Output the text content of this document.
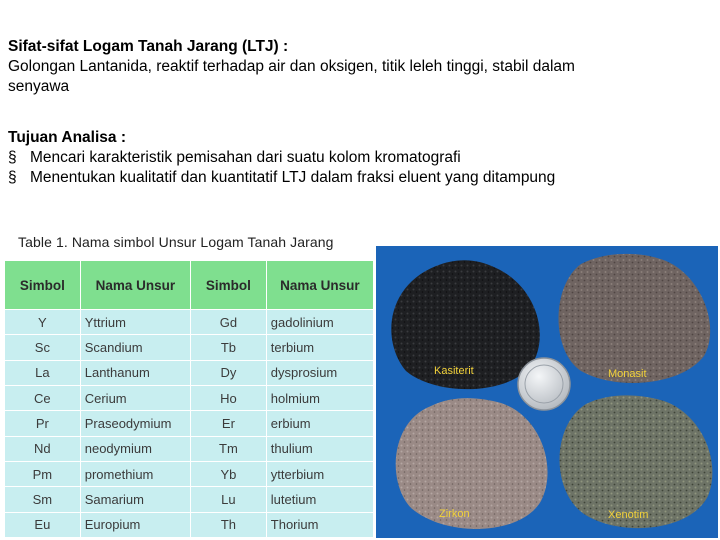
Sifat-sifat Logam Tanah Jarang (LTJ) :
Golongan Lantanida, reaktif terhadap air dan oksigen, titik leleh tinggi, stabil dalam
senyawa
Tujuan Analisa :
§ Mencari karakteristik pemisahan dari suatu kolom kromatografi
§ Menentukan kualitatif dan kuantitatif LTJ dalam fraksi eluent yang ditampung
Table 1. Nama simbol Unsur Logam Tanah Jarang
Simbol	Nama Unsur	Simbol	Nama Unsur
Y	Yttrium	Gd	gadolinium
Sc	Scandium	Tb	terbium
La	Lanthanum	Dy	dysprosium
Ce	Cerium	Ho	holmium
Pr	Praseodymium	Er	erbium
Nd	neodymium	Tm	thulium
Pm	promethium	Yb	ytterbium
Sm	Samarium	Lu	lutetium
Eu	Europium	Th	Thorium
Kasiterit	Monasit
Zirkon	Xenotim
